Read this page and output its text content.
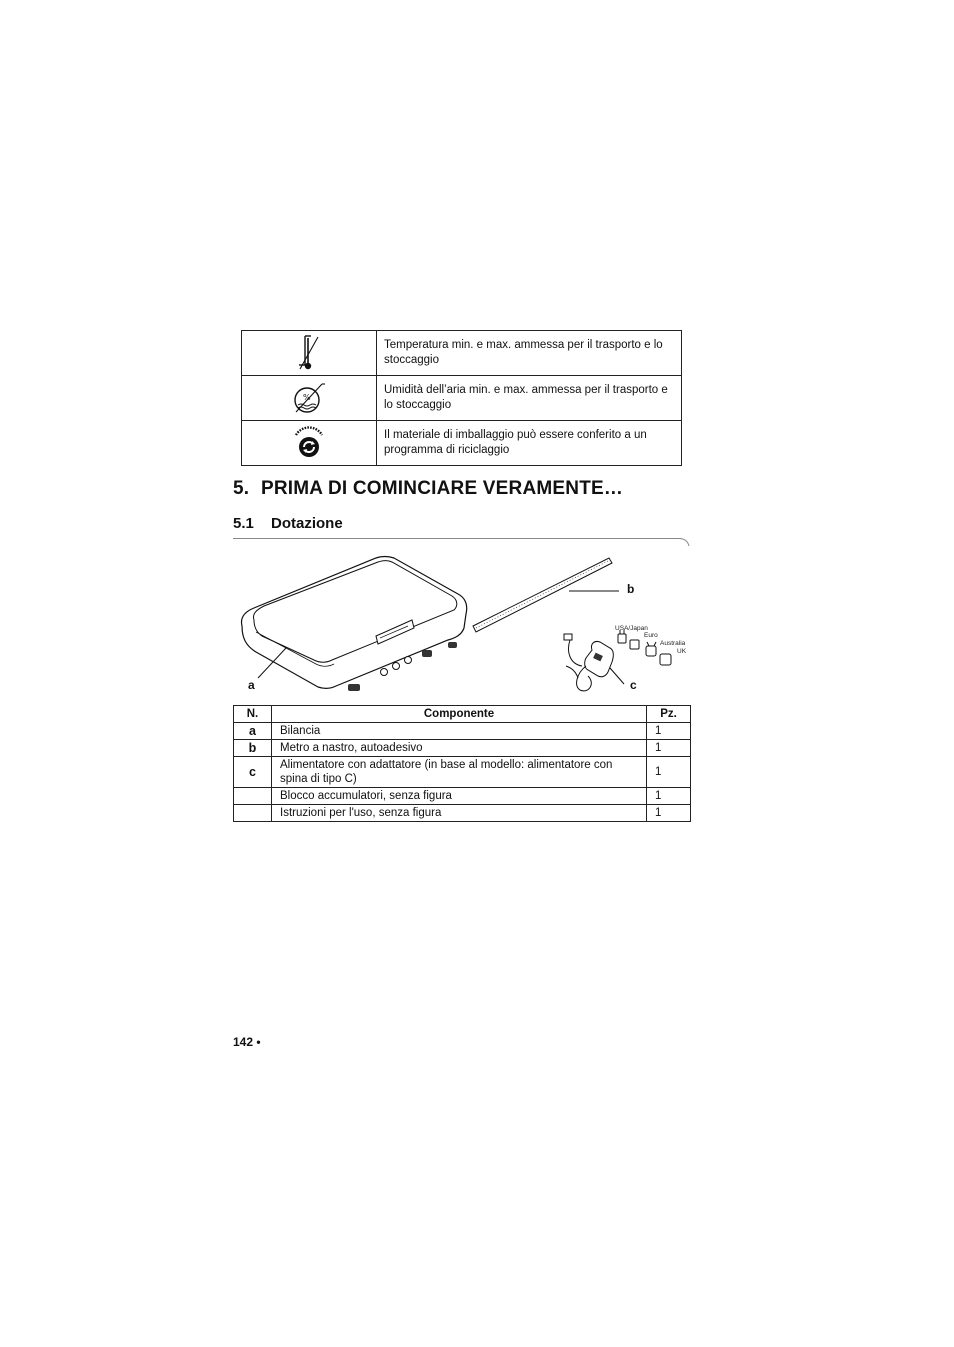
	Temperatura min. e max. ammessa per il trasporto e lo stoccaggio

%	Umidità dell’aria min. e max. ammessa per il trasporto e lo stoccaggio

	Il materiale di imballaggio può essere conferito a un programma di riciclaggio
5. PRIMA DI COMINCIARE VERAMENTE…
5.1 Dotazione
a
b
c
USA/Japan
Euro
Australia
UK
N.	Componente	Pz.
a	Bilancia	1
b	Metro a nastro, autoadesivo	1
c	Alimentatore con adattatore (in base al modello: alimentatore con spina di tipo C)	1
	Blocco accumulatori, senza figura	1
	Istruzioni per l'uso, senza figura	1
142 •
